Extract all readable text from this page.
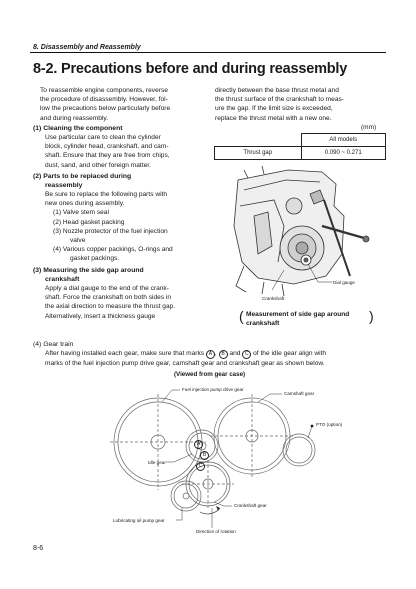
8. Disassembly and Reassembly
8-2. Precautions before and during reassembly
To reassemble engine components, reverse
the procedure of disassembly. However, fol-
low the precautions below particularly before
and during reassembly.
(1) Cleaning the component
Use particular care to clean the cylinder
block, cylinder head, crankshaft, and cam-
shaft. Ensure that they are free from chips,
dust, sand, and other foreign matter.
(2) Parts to be replaced during
reassembly
Be sure to replace the following parts with
new ones during assembly.
(1) Valve stem seal
(2) Head gasket packing
(3) Nozzle protector of the fuel injection
valve
(4) Various copper packings, O-rings and
gasket packings.
(3) Measuring the side gap around
crankshaft
Apply a dial gauge to the end of the crank-
shaft. Force the crankshaft on both sides in
the axial direction to measure the thrust gap.
Alternatively, insert a thickness gauge
directly between the base thrust metal and
the thrust surface of the crankshaft to meas-
ure the gap. If the limit size is exceeded,
replace the thrust metal with a new one.
(mm)
	All models
Thrust gap	0.090 ~ 0.271
Dial gauge
Crankshaft
( Measurement of side gap around
crankshaft	)
(4) Gear train
After having installed each gear, make sure that marks A , B and C of the idle gear align with
marks of the fuel injection pump drive gear, camshaft gear and crankshaft gear as shown below.
(Viewed from gear case)
A
B
C
Fuel injection pump drive gear
Camshaft gear
PTO (option)
Idle gear
Crankshaft gear
Lubricating oil pump gear
Direction of rotation
8-6
